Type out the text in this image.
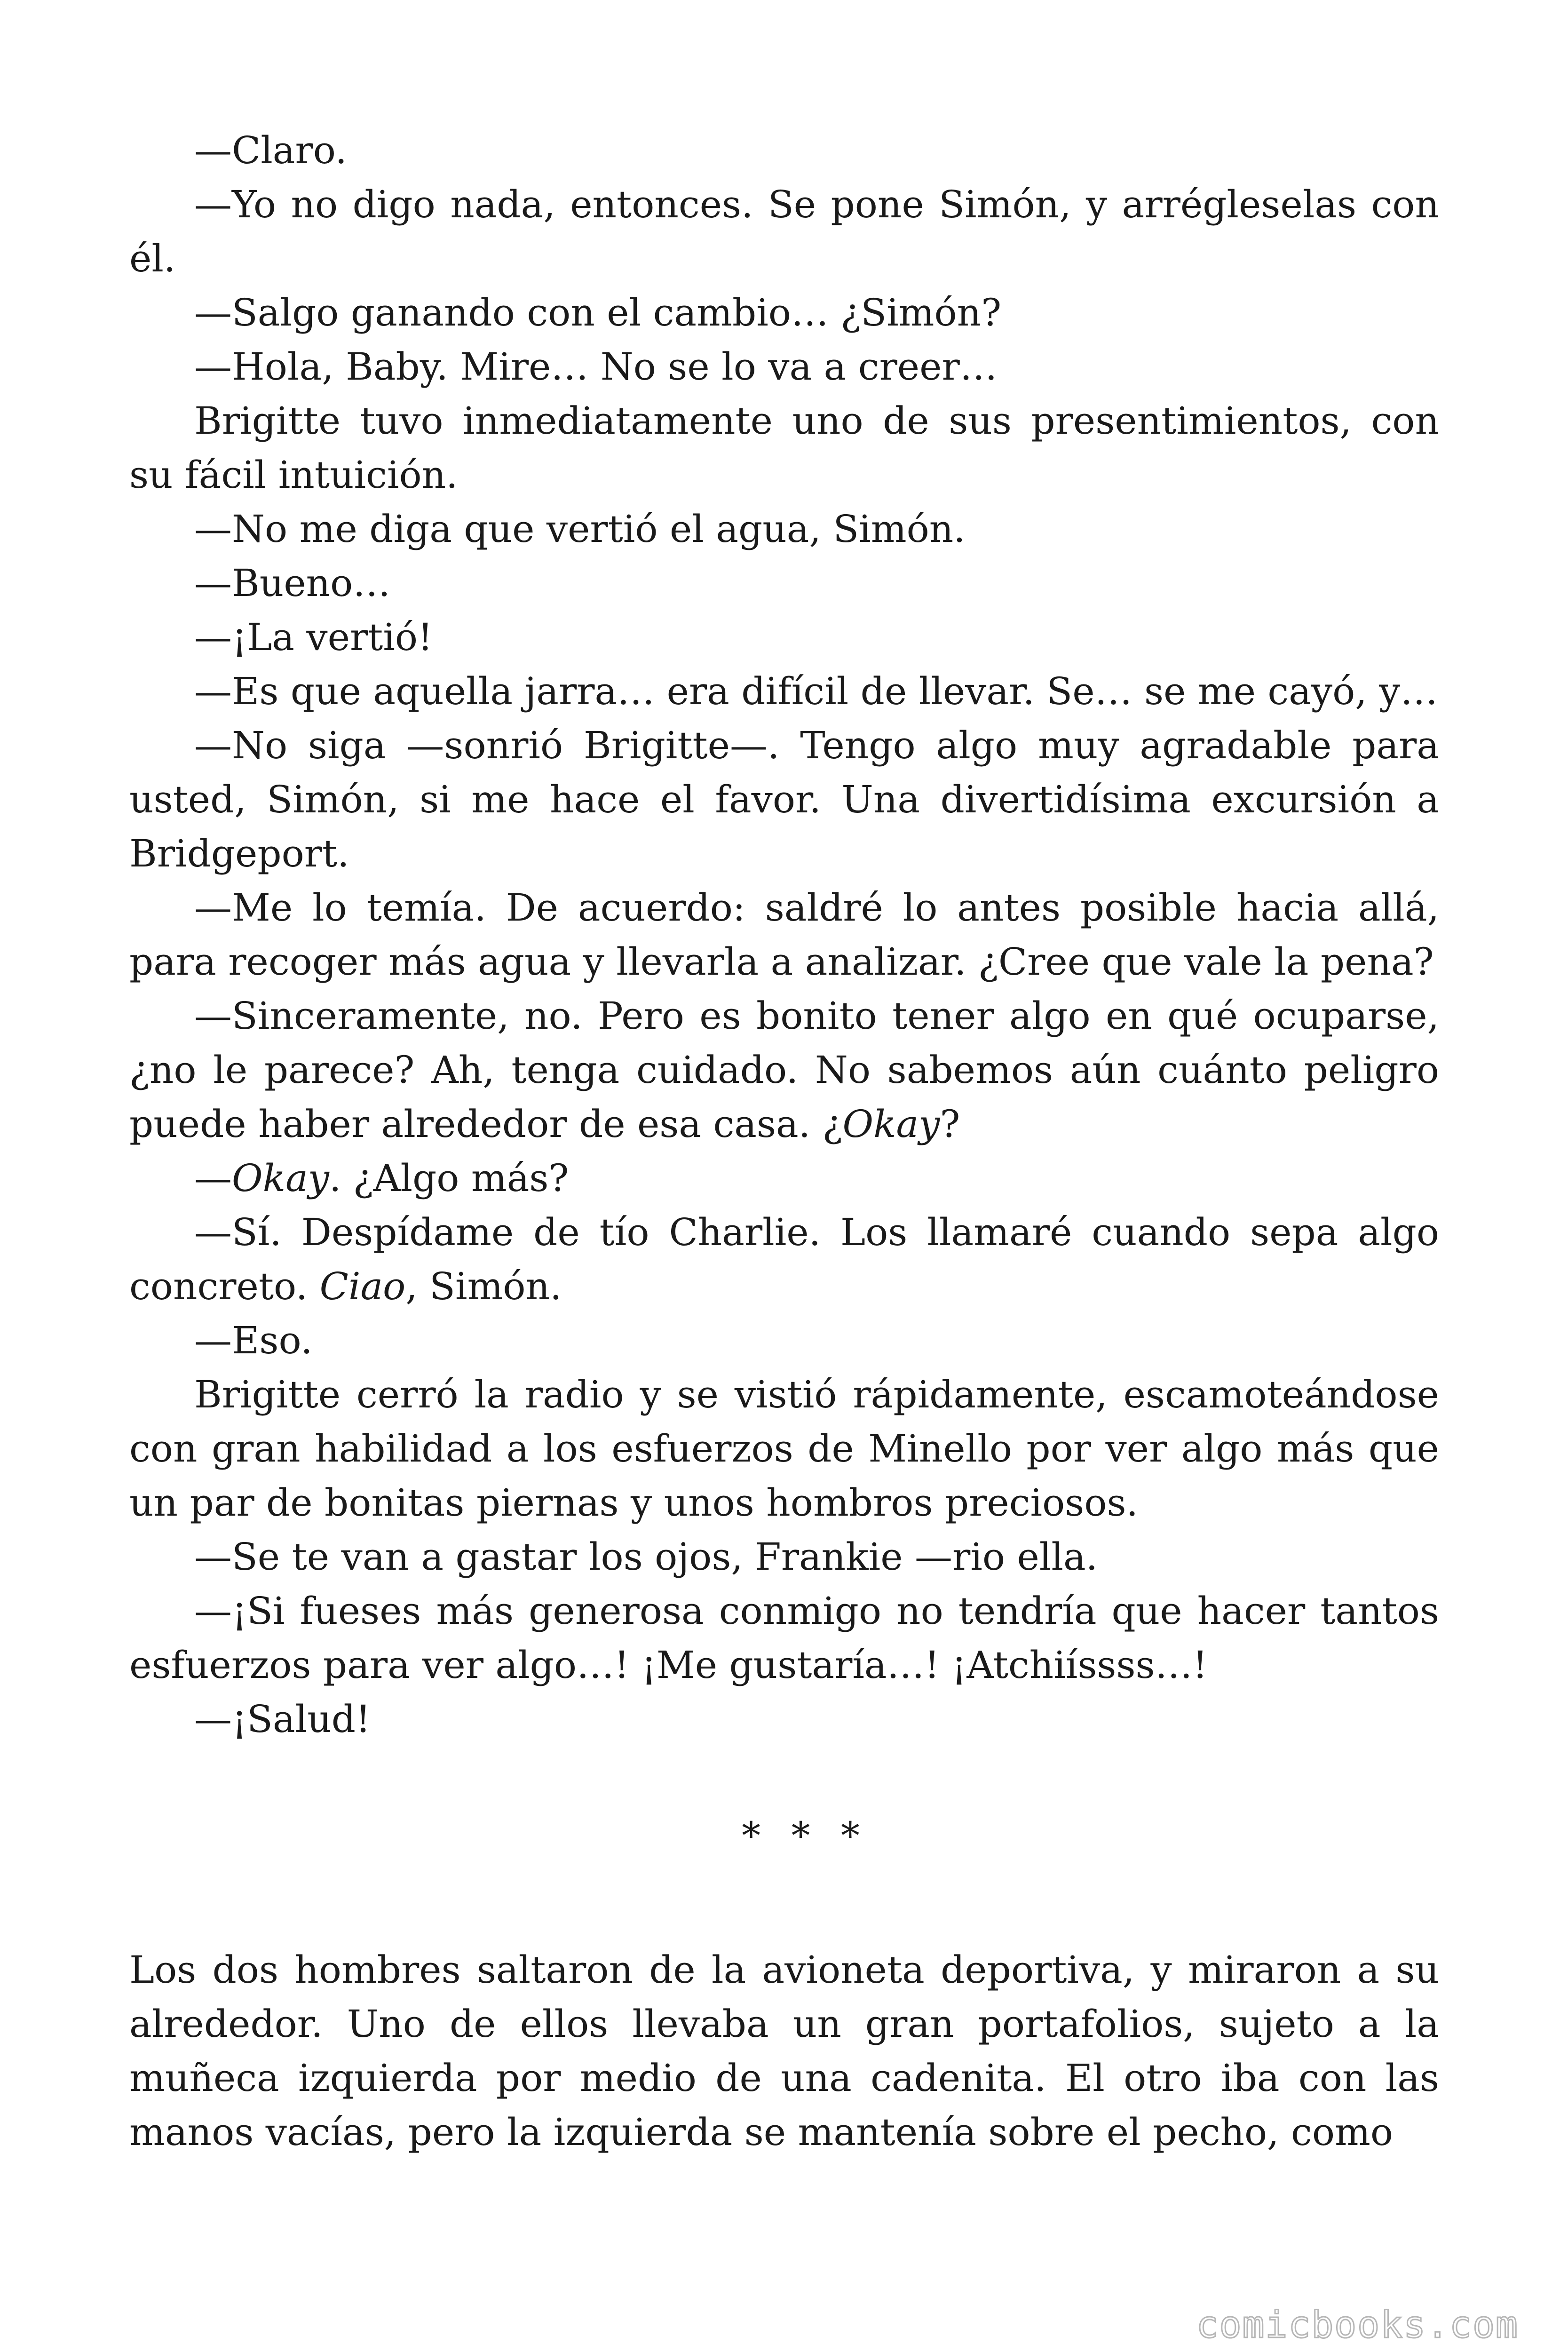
—Claro.

—Yo no digo nada, entonces. Se pone Simón, y arrégleselas con él.

—Salgo ganando con el cambio… ¿Simón?

—Hola, Baby. Mire… No se lo va a creer…

Brigitte tuvo inmediatamente uno de sus presentimientos, con su fácil intuición.

—No me diga que vertió el agua, Simón.

—Bueno…

—¡La vertió!

—Es que aquella jarra… era difícil de llevar. Se… se me cayó, y…

—No siga —sonrió Brigitte—. Tengo algo muy agradable para usted, Simón, si me hace el favor. Una divertidísima excursión a Bridgeport.

—Me lo temía. De acuerdo: saldré lo antes posible hacia allá, para recoger más agua y llevarla a analizar. ¿Cree que vale la pena?

—Sinceramente, no. Pero es bonito tener algo en qué ocuparse, ¿no le parece? Ah, tenga cuidado. No sabemos aún cuánto peligro puede haber alrededor de esa casa. ¿Okay?

—Okay. ¿Algo más?

—Sí. Despídame de tío Charlie. Los llamaré cuando sepa algo concreto. Ciao, Simón.

—Eso.

Brigitte cerró la radio y se vistió rápidamente, escamoteándose con gran habilidad a los esfuerzos de Minello por ver algo más que un par de bonitas piernas y unos hombros preciosos.

—Se te van a gastar los ojos, Frankie —rio ella.

—¡Si fueses más generosa conmigo no tendría que hacer tantos esfuerzos para ver algo…! ¡Me gustaría…! ¡Atchiíssss…!

—¡Salud!

* * *

Los dos hombres saltaron de la avioneta deportiva, y miraron a su alrededor. Uno de ellos llevaba un gran portafolios, sujeto a la muñeca izquierda por medio de una cadenita. El otro iba con las manos vacías, pero la izquierda se mantenía sobre el pecho, como

comicbooks.com
